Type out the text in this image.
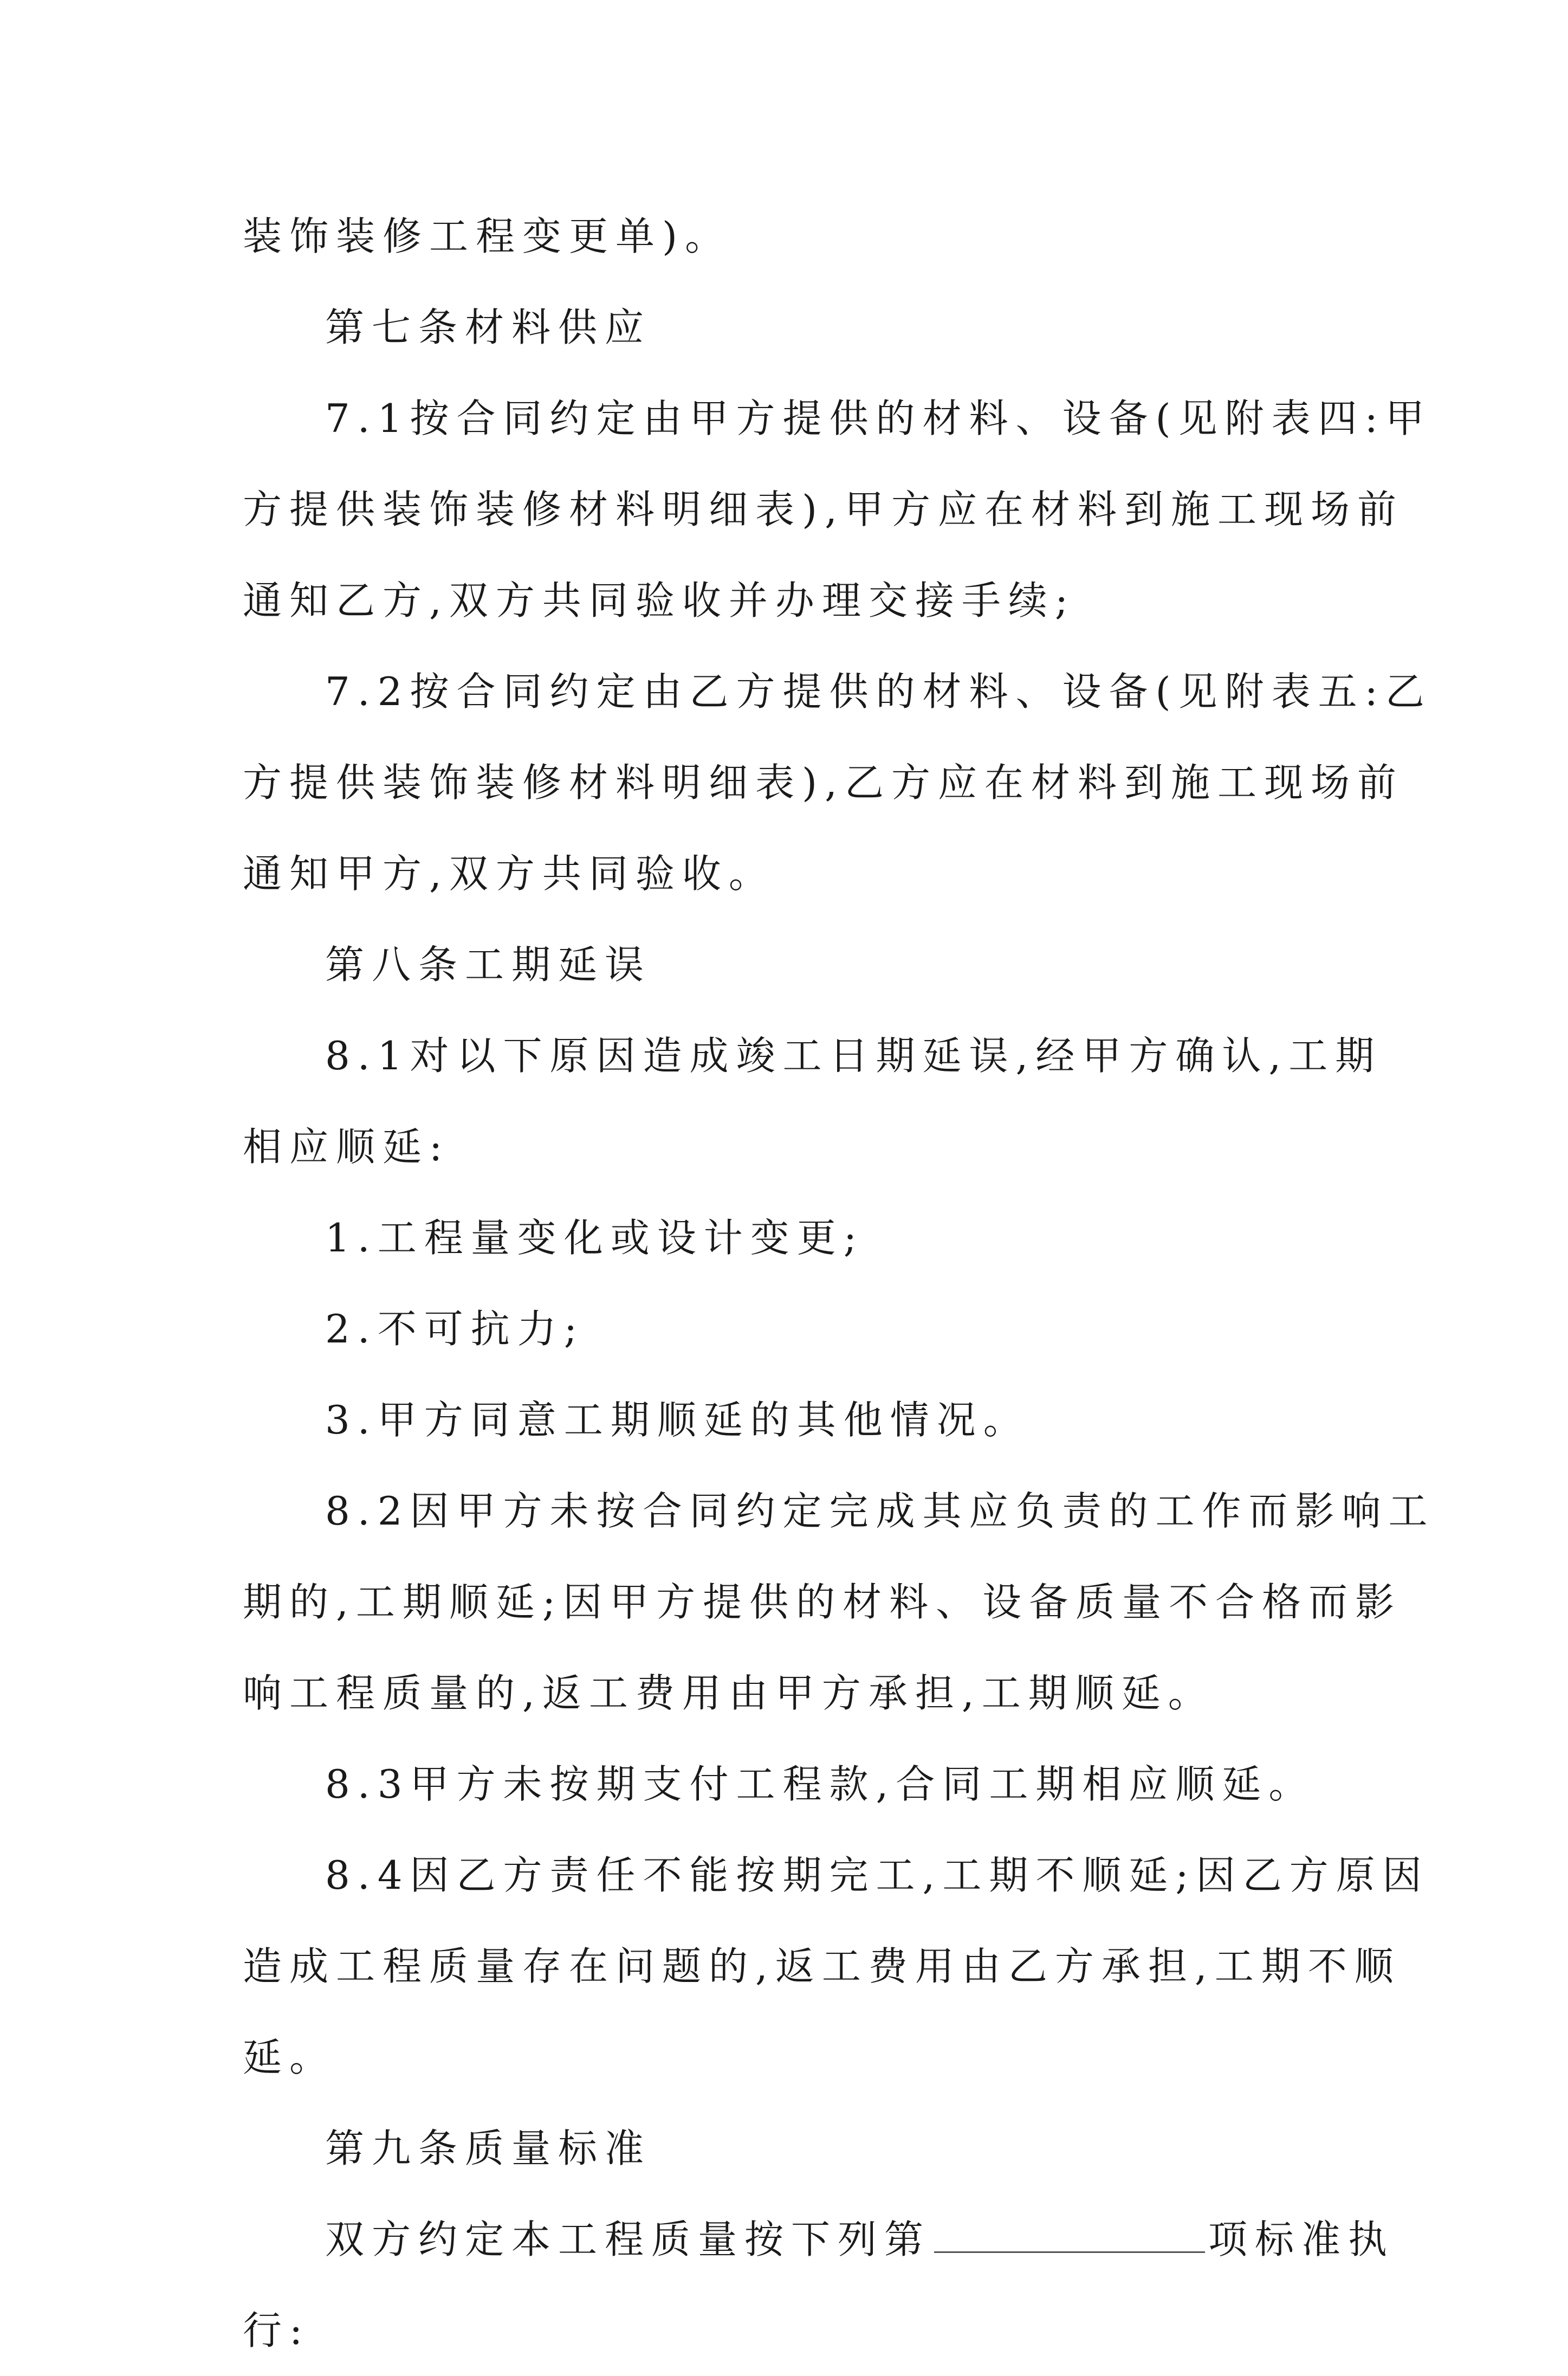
装饰装修工程变更单)。
第七条材料供应
7.1按合同约定由甲方提供的材料、设备(见附表四:甲
方提供装饰装修材料明细表),甲方应在材料到施工现场前
通知乙方,双方共同验收并办理交接手续;
7.2按合同约定由乙方提供的材料、设备(见附表五:乙
方提供装饰装修材料明细表),乙方应在材料到施工现场前
通知甲方,双方共同验收。
第八条工期延误
8.1对以下原因造成竣工日期延误,经甲方确认,工期
相应顺延:
1.工程量变化或设计变更;
2.不可抗力;
3.甲方同意工期顺延的其他情况。
8.2因甲方未按合同约定完成其应负责的工作而影响工
期的,工期顺延;因甲方提供的材料、设备质量不合格而影
响工程质量的,返工费用由甲方承担,工期顺延。
8.3甲方未按期支付工程款,合同工期相应顺延。
8.4因乙方责任不能按期完工,工期不顺延;因乙方原因
造成工程质量存在问题的,返工费用由乙方承担,工期不顺
延。
第九条质量标准
双方约定本工程质量按下列第	项标准执
行:
